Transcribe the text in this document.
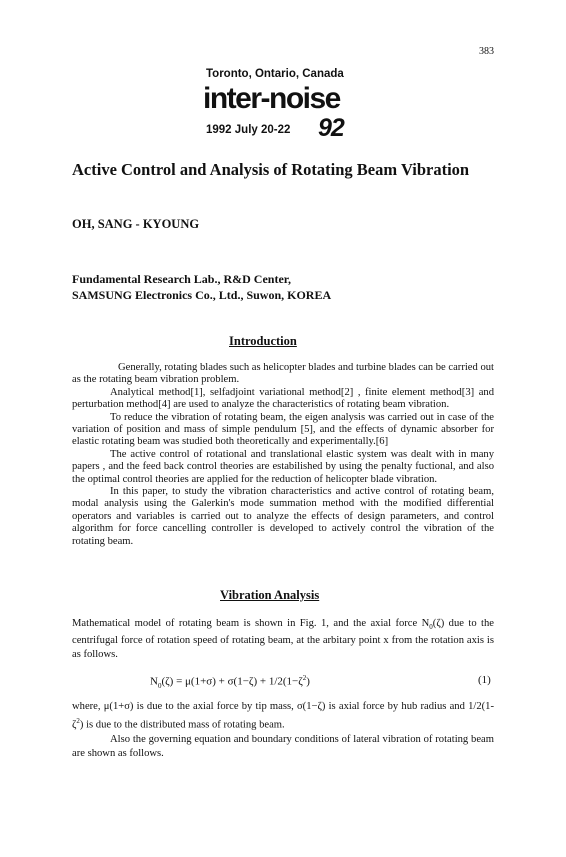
383
Toronto, Ontario, Canada
inter-noise
1992 July 20-22 92
Active Control and Analysis of Rotating Beam Vibration
OH, SANG - KYOUNG
Fundamental Research Lab., R&D Center,
SAMSUNG Electronics Co., Ltd., Suwon, KOREA
Introduction

Generally, rotating blades such as helicopter blades and turbine blades can be carried out as the rotating beam vibration problem.

Analytical method[1], selfadjoint variational method[2] , finite element method[3] and perturbation method[4] are used to analyze the characteristics of rotating beam vibration.

To reduce the vibration of rotating beam, the eigen analysis was carried out in case of the variation of position and mass of simple pendulum [5], and the effects of dynamic absorber for elastic rotating beam was studied both theoretically and experimentally.[6]

The active control of rotational and translational elastic system was dealt with in many papers , and the feed back control theories are estabilished by using the penalty fuctional, and also the optimal control theories are applied for the reduction of helicopter blade vibration.

In this paper, to study the vibration characteristics and active control of rotating beam, modal analysis using the Galerkin's mode summation method with the modified differential operators and variables is carried out to analyze the effects of design parameters, and control algorithm for force cancelling controller is developed to actively control the vibration of the rotating beam.

Vibration Analysis
Mathematical model of rotating beam is shown in Fig. 1, and the axial force $N_0(\zeta)$ due to the centrifugal force of rotation speed of rotating beam, at the arbitary point x from the rotation axis is as follows.
$N_0(\zeta) = \mu(1+\sigma) + \sigma(1-\zeta) + 1/2(1-\zeta^2)$	(1)

where, μ(1+σ) is due to the axial force by tip mass, σ(1−ζ) is axial force by hub radius and $1/2(1-\zeta^2)$ is due to the distributed mass of rotating beam.

Also the governing equation and boundary conditions of lateral vibration of rotating beam are shown as follows.
